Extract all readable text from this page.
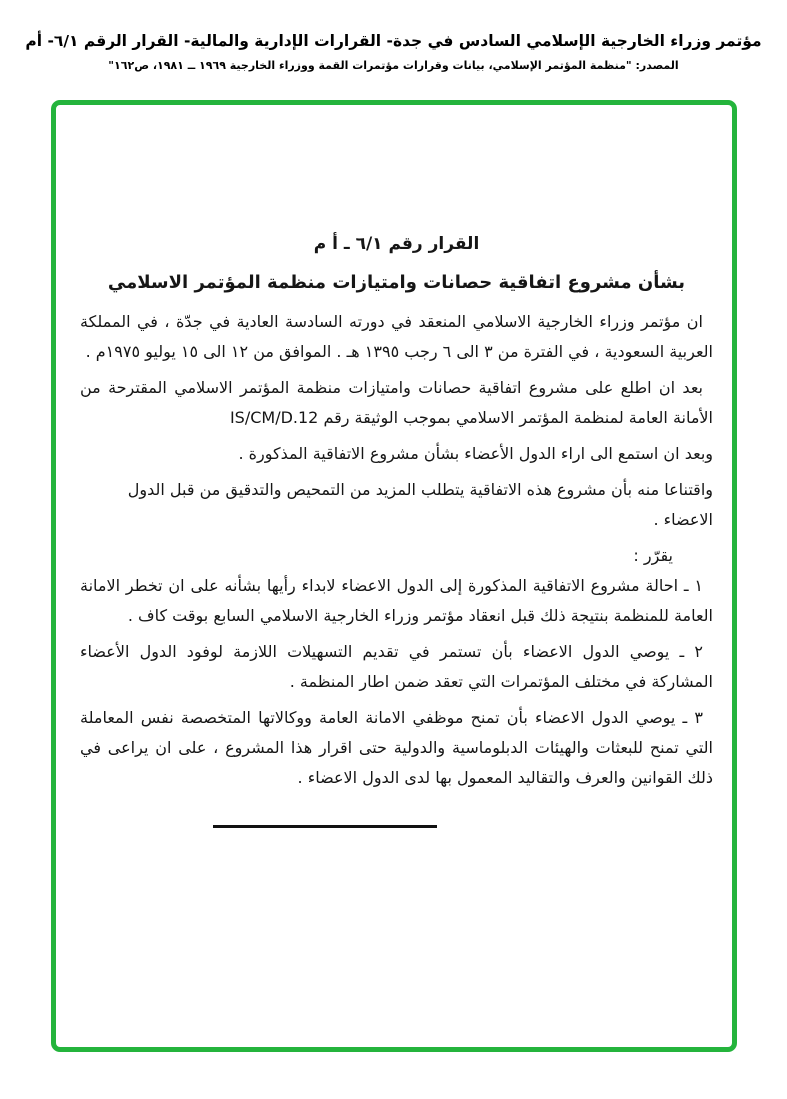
مؤتمر وزراء الخارجية الإسلامي السادس في جدة- القرارات الإدارية والمالية- القرار الرقم ٦/١- أم
المصدر: "منظمة المؤتمر الإسلامي، بيانات وقرارات مؤتمرات القمة ووزراء الخارجية ١٩٦٩ ــ ١٩٨١، ص١٦٢"
القرار رقم ٦/١ ـ أ م
بشأن مشروع اتفاقية حصانات وامتيازات منظمة المؤتمر الاسلامي

ان مؤتمر وزراء الخارجية الاسلامي المنعقد في دورته السادسة العادية في جدّة ، في المملكة العربية السعودية ، في الفترة من ٣ الى ٦ رجب ١٣٩٥ هـ . الموافق من ١٢ الى ١٥ يوليو ١٩٧٥م .

بعد ان اطلع على مشروع اتفاقية حصانات وامتيازات منظمة المؤتمر الاسلامي المقترحة من الأمانة العامة لمنظمة المؤتمر الاسلامي بموجب الوثيقة رقم IS/CM/D.12

وبعد ان استمع الى اراء الدول الأعضاء بشأن مشروع الاتفاقية المذكورة .

واقتناعا منه بأن مشروع هذه الاتفاقية يتطلب المزيد من التمحيص والتدقيق من قبل الدول الاعضاء .

يقرّر :

١ ـ احالة مشروع الاتفاقية المذكورة إلى الدول الاعضاء لابداء رأيها بشأنه على ان تخطر الامانة العامة للمنظمة بنتيجة ذلك قبل انعقاد مؤتمر وزراء الخارجية الاسلامي السابع بوقت كاف .

٢ ـ يوصي الدول الاعضاء بأن تستمر في تقديم التسهيلات اللازمة لوفود الدول الأعضاء المشاركة في مختلف المؤتمرات التي تعقد ضمن اطار المنظمة .

٣ ـ يوصي الدول الاعضاء بأن تمنح موظفي الامانة العامة ووكالاتها المتخصصة نفس المعاملة التي تمنح للبعثات والهيئات الدبلوماسية والدولية حتى اقرار هذا المشروع ، على ان يراعى في ذلك القوانين والعرف والتقاليد المعمول بها لدى الدول الاعضاء .
